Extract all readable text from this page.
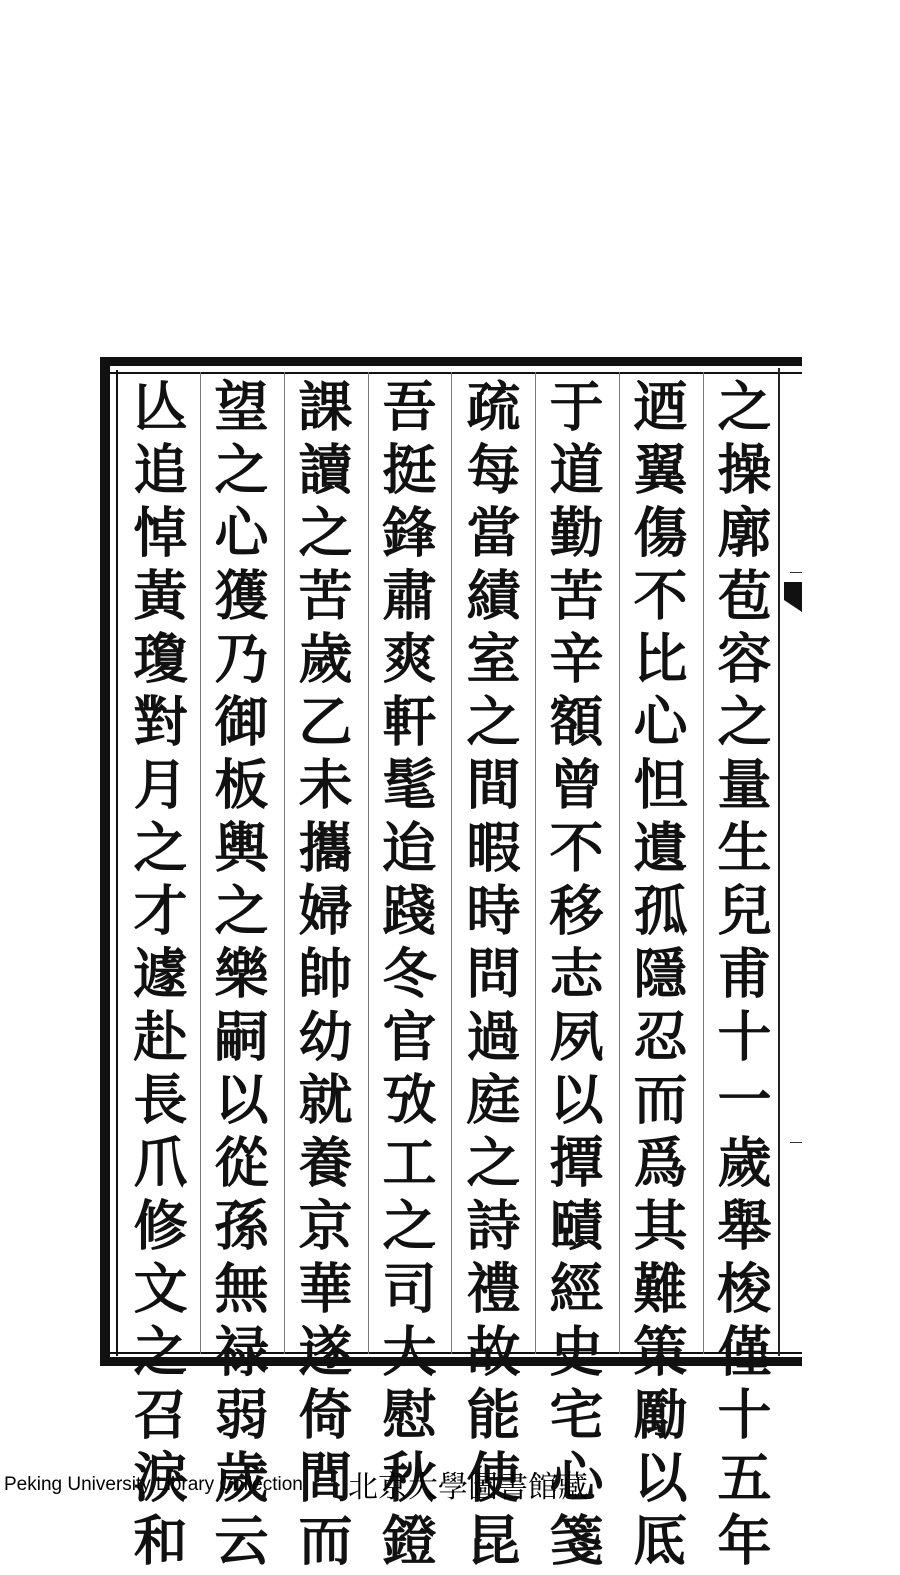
之操廓苞容之量生兒甫十一歲舉梭僅十五年
迺翼傷不比心怛遺孤隱忍而爲其難策勵以厎
于道勤苦辛額曾不移志夙以撢賾經史宅心箋
疏每當績室之間暇時問過庭之詩禮故能使昆
吾挺鋒肅爽軒髦迨踐冬官攷工之司大慰秋鐙
課讀之苦歲乙未攜婦帥幼就養京華遂倚閭而
望之心獲乃御板輿之樂嗣以從孫無禄弱歲云
亾追悼黃瓊對月之才遽赴長爪修文之召淚和
Peking University Library Collection 北京大學圖書館藏
